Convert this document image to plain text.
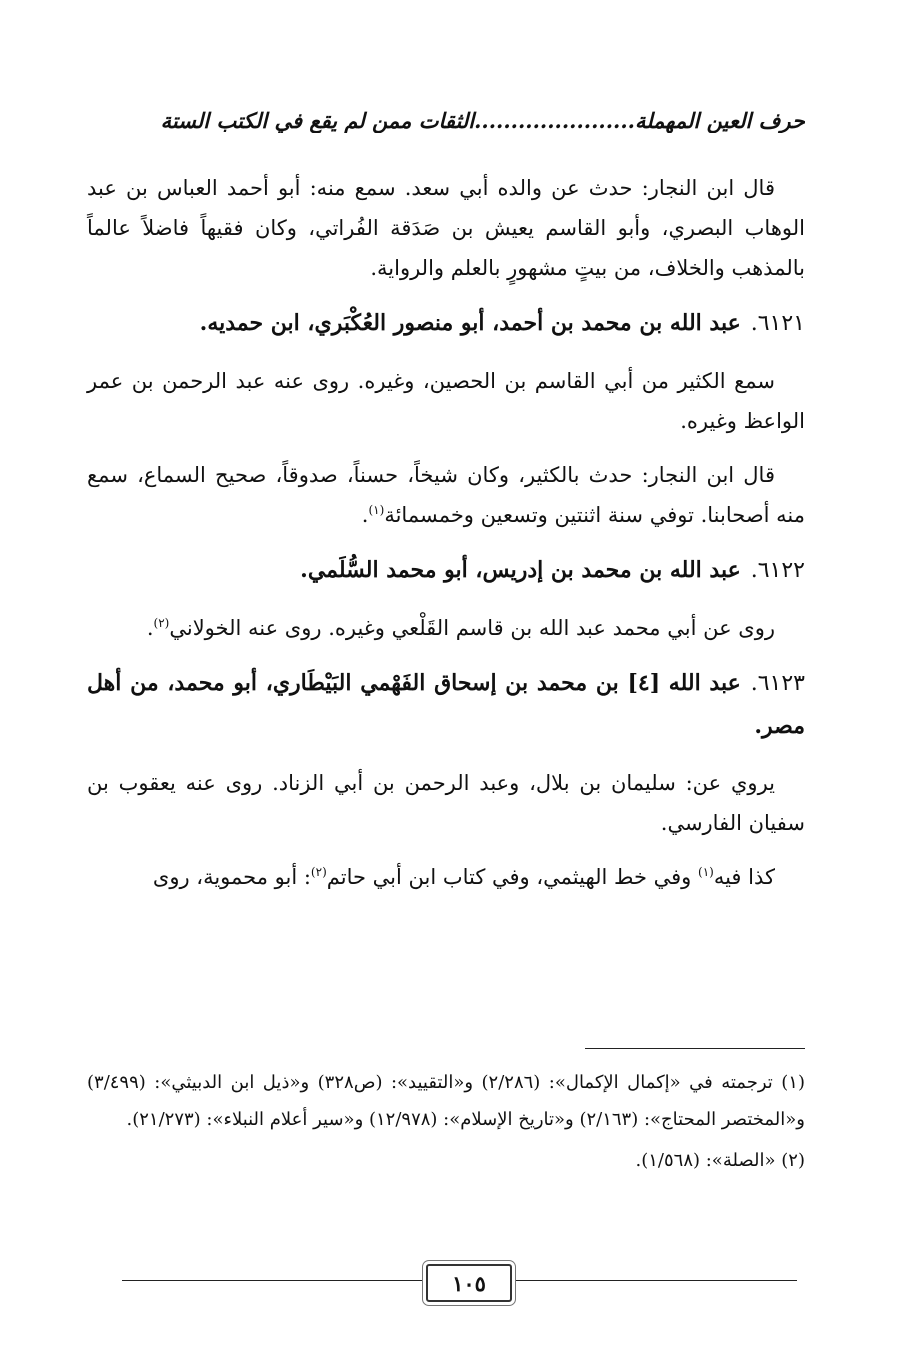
حرف العين المهملة......................الثقات ممن لم يقع في الكتب الستة

قال ابن النجار: حدث عن والده أبي سعد. سمع منه: أبو أحمد العباس بن عبد الوهاب البصري، وأبو القاسم يعيش بن صَدَقة الفُراتي، وكان فقيهاً فاضلاً عالماً بالمذهب والخلاف، من بيتٍ مشهورٍ بالعلم والرواية.

٦١٢١.عبد الله بن محمد بن أحمد، أبو منصور العُكْبَري، ابن حمديه.

سمع الكثير من أبي القاسم بن الحصين، وغيره. روى عنه عبد الرحمن بن عمر الواعظ وغيره.

قال ابن النجار: حدث بالكثير، وكان شيخاً، حسناً، صدوقاً، صحيح السماع، سمع منه أصحابنا. توفي سنة اثنتين وتسعين وخمسمائة$^{(١)}$.

٦١٢٢.عبد الله بن محمد بن إدريس، أبو محمد السُّلَمي.

روى عن أبي محمد عبد الله بن قاسم القَلْعي وغيره. روى عنه الخولاني$^{(٢)}$.

٦١٢٣.عبد الله [٤] بن محمد بن إسحاق الفَهْمي البَيْطَاري، أبو محمد، من أهل مصر.

يروي عن: سليمان بن بلال، وعبد الرحمن بن أبي الزناد. روى عنه يعقوب بن سفيان الفارسي.

كذا فيه$^{(١)}$ وفي خط الهيثمي، وفي كتاب ابن أبي حاتم$^{(٢)}$: أبو محموية، روى

(١) ترجمته في «إكمال الإكمال»: (٢/٢٨٦) و«التقييد»: (ص٣٢٨) و«ذيل ابن الدبيثي»: (٣/٤٩٩) و«المختصر المحتاج»: (٢/١٦٣) و«تاريخ الإسلام»: (١٢/٩٧٨) و«سير أعلام النبلاء»: (٢١/٢٧٣).

(٢) «الصلة»: (١/٥٦٨).

١٠٥
